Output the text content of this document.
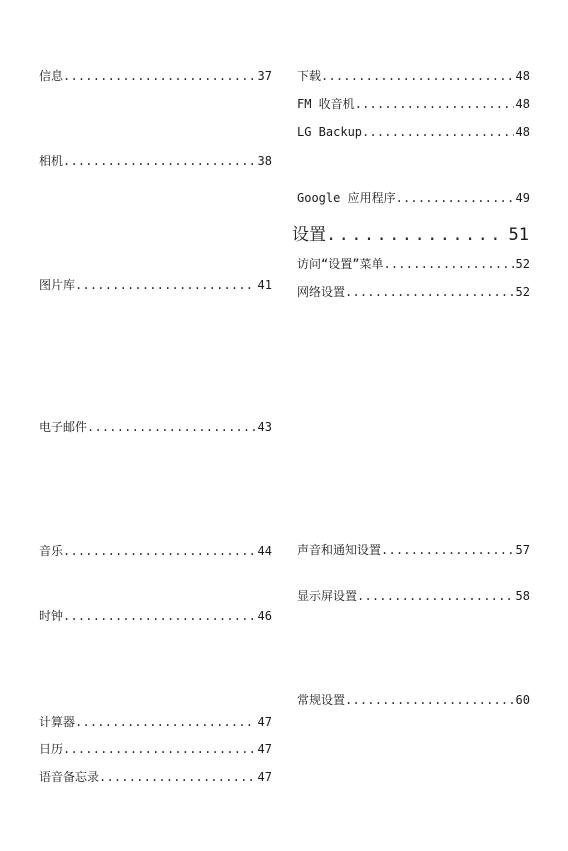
信息 .....	37
相机 .....	38
图片库 .....	41
电子邮件 .....	43
音乐 .....	44
时钟 .....	46
计算器 .....	47
日历 .....	47
语音备忘录 .....	47
下载 .....	48
FM 收音机 .....	48
LG Backup .....	48
Google 应用程序 .....	49
设置 .....	51
访问“设置”菜单 .....	52
网络设置 .....	52
声音和通知设置 .....	57
显示屏设置 .....	58
常规设置 .....	60
